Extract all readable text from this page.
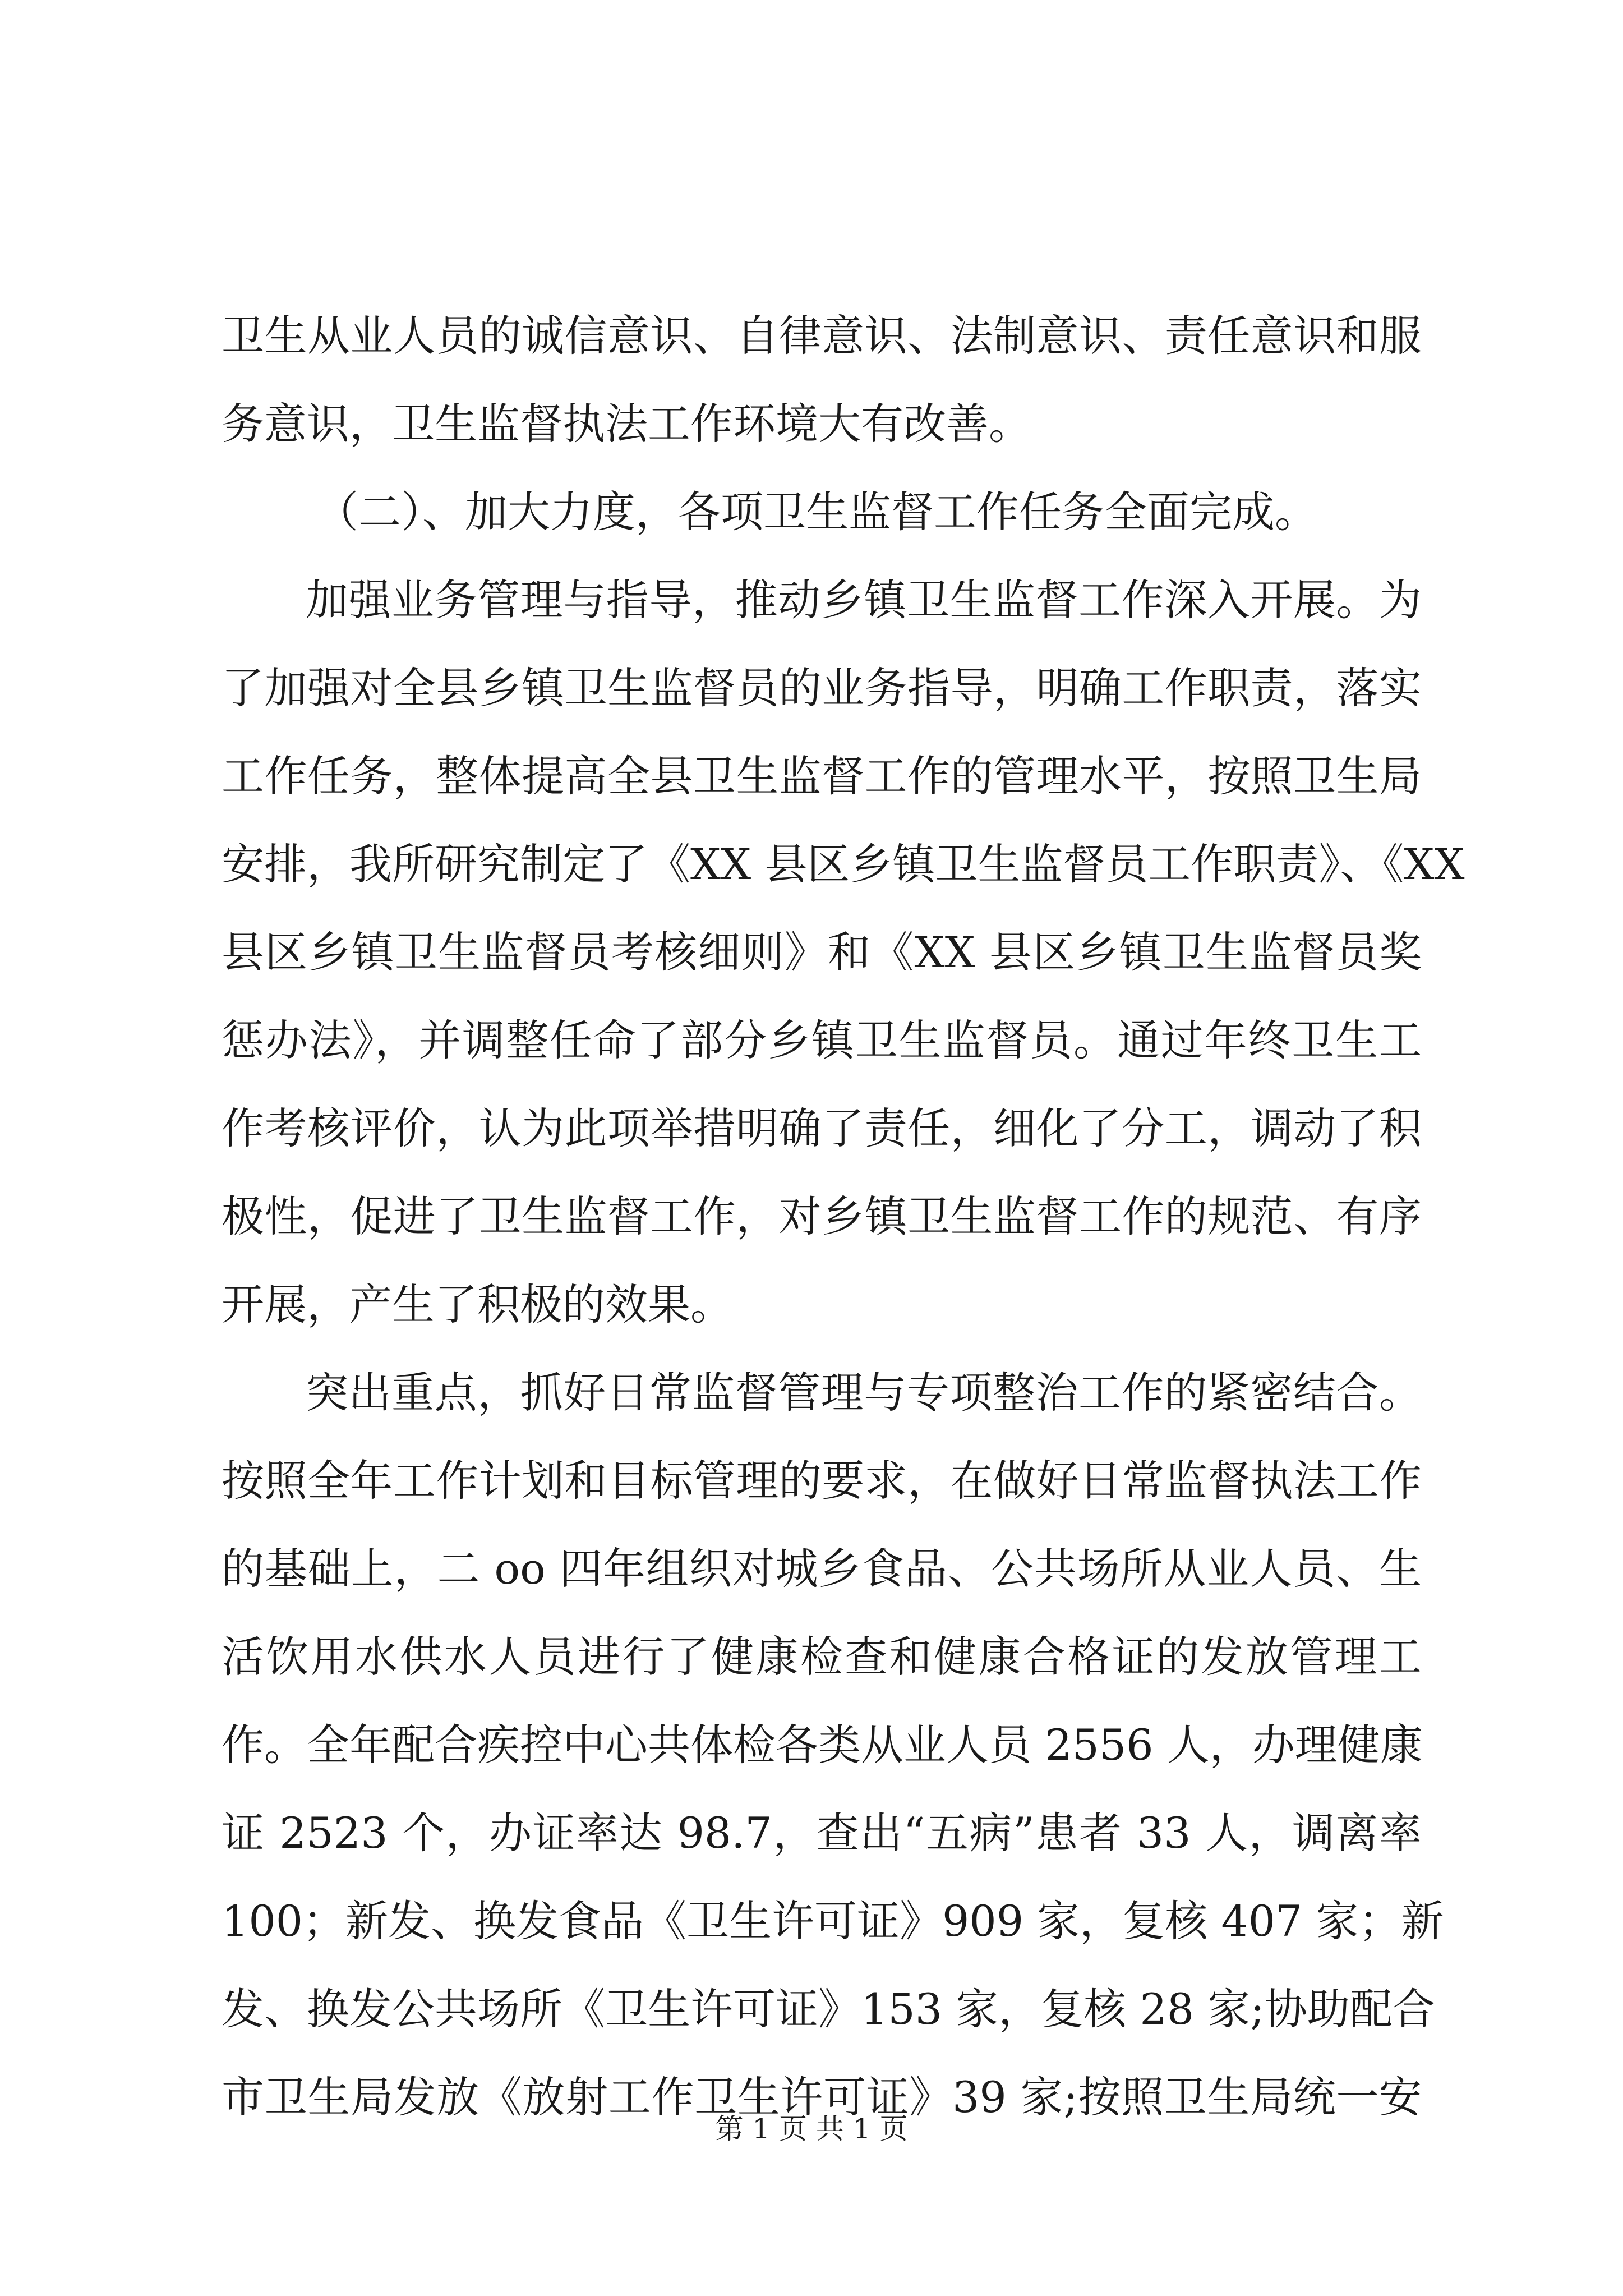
卫生从业人员的诚信意识、自律意识、法制意识、责任意识和服
务意识，卫生监督执法工作环境大有改善。
（二）、加大力度，各项卫生监督工作任务全面完成。
加强业务管理与指导，推动乡镇卫生监督工作深入开展。为
了加强对全县乡镇卫生监督员的业务指导，明确工作职责，落实
工作任务，整体提高全县卫生监督工作的管理水平，按照卫生局
安排，我所研究制定了《XX 县区乡镇卫生监督员工作职责》、《XX
县区乡镇卫生监督员考核细则》和《XX 县区乡镇卫生监督员奖
惩办法》，并调整任命了部分乡镇卫生监督员。通过年终卫生工
作考核评价，认为此项举措明确了责任，细化了分工，调动了积
极性，促进了卫生监督工作，对乡镇卫生监督工作的规范、有序
开展，产生了积极的效果。
突出重点，抓好日常监督管理与专项整治工作的紧密结合。
按照全年工作计划和目标管理的要求，在做好日常监督执法工作
的基础上，二 oo 四年组织对城乡食品、公共场所从业人员、生
活饮用水供水人员进行了健康检查和健康合格证的发放管理工
作。全年配合疾控中心共体检各类从业人员 2556 人，办理健康
证 2523 个，办证率达 98.7，查出“五病”患者 33 人，调离率
100；新发、换发食品《卫生许可证》909 家，复核 407 家；新
发、换发公共场所《卫生许可证》153 家，复核 28 家;协助配合
市卫生局发放《放射工作卫生许可证》39 家;按照卫生局统一安
第 1 页 共 1 页
